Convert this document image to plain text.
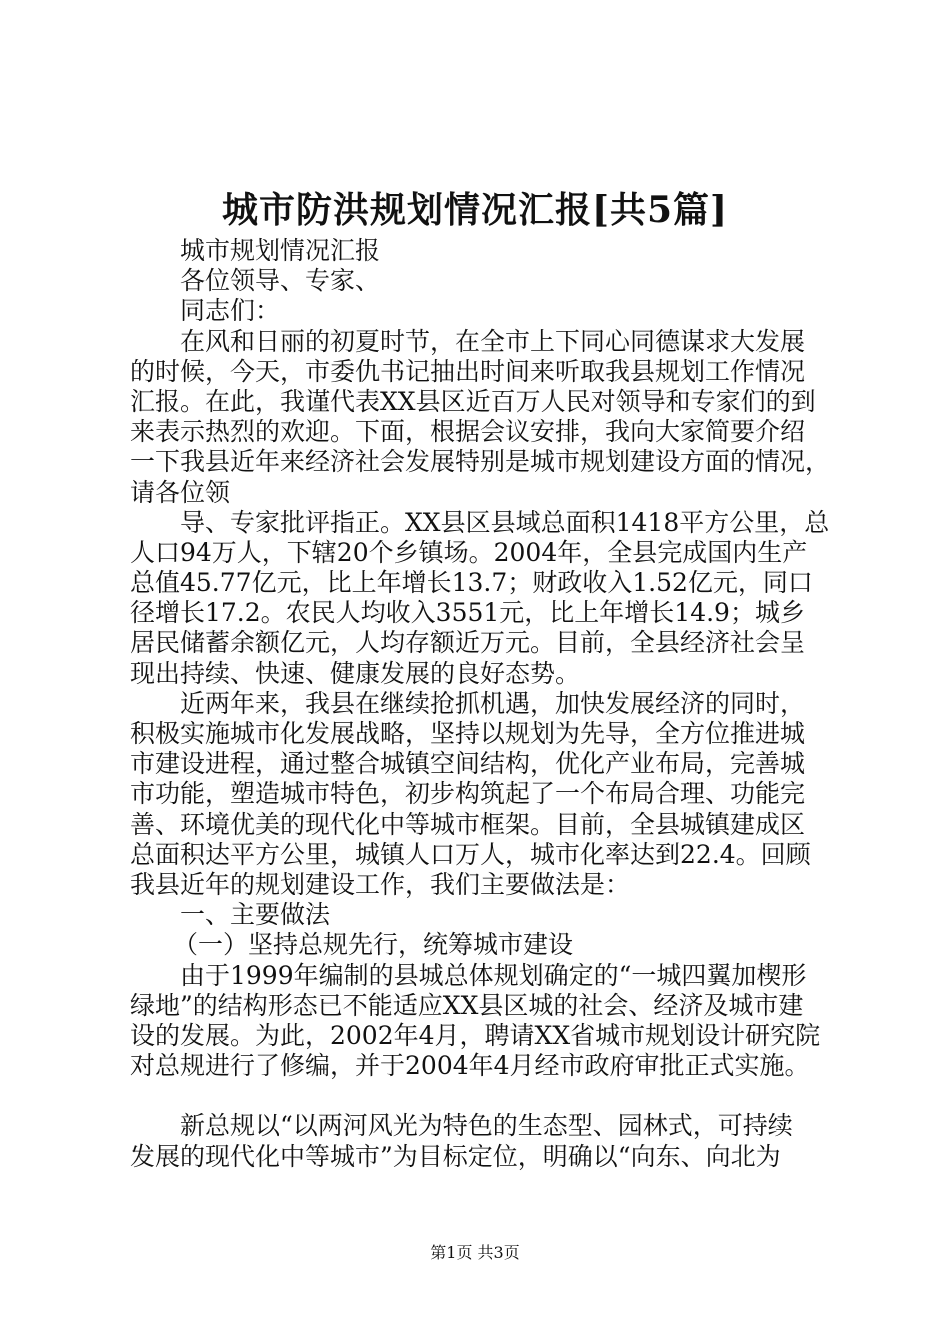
城市防洪规划情况汇报[共5篇]
城市规划情况汇报
各位领导、专家、
同志们：
在风和日丽的初夏时节，在全市上下同心同德谋求大发展
的时候，今天，市委仇书记抽出时间来听取我县规划工作情况
汇报。在此，我谨代表XX县区近百万人民对领导和专家们的到
来表示热烈的欢迎。下面，根据会议安排，我向大家简要介绍
一下我县近年来经济社会发展特别是城市规划建设方面的情况，
请各位领
导、专家批评指正。XX县区县域总面积1418平方公里，总
人口94万人，下辖20个乡镇场。2004年，全县完成国内生产
总值45.77亿元，比上年增长13.7；财政收入1.52亿元，同口
径增长17.2。农民人均收入3551元，比上年增长14.9；城乡
居民储蓄余额亿元，人均存额近万元。目前，全县经济社会呈
现出持续、快速、健康发展的良好态势。
近两年来，我县在继续抢抓机遇，加快发展经济的同时，
积极实施城市化发展战略，坚持以规划为先导，全方位推进城
市建设进程，通过整合城镇空间结构，优化产业布局，完善城
市功能，塑造城市特色，初步构筑起了一个布局合理、功能完
善、环境优美的现代化中等城市框架。目前，全县城镇建成区
总面积达平方公里，城镇人口万人，城市化率达到22.4。回顾
我县近年的规划建设工作，我们主要做法是：
一、主要做法
（一）坚持总规先行，统筹城市建设
由于1999年编制的县城总体规划确定的“一城四翼加楔形
绿地”的结构形态已不能适应XX县区城的社会、经济及城市建
设的发展。为此，2002年4月，聘请XX省城市规划设计研究院
对总规进行了修编，并于2004年4月经市政府审批正式实施。
新总规以“以两河风光为特色的生态型、园林式，可持续
发展的现代化中等城市”为目标定位，明确以“向东、向北为
第1页 共3页
